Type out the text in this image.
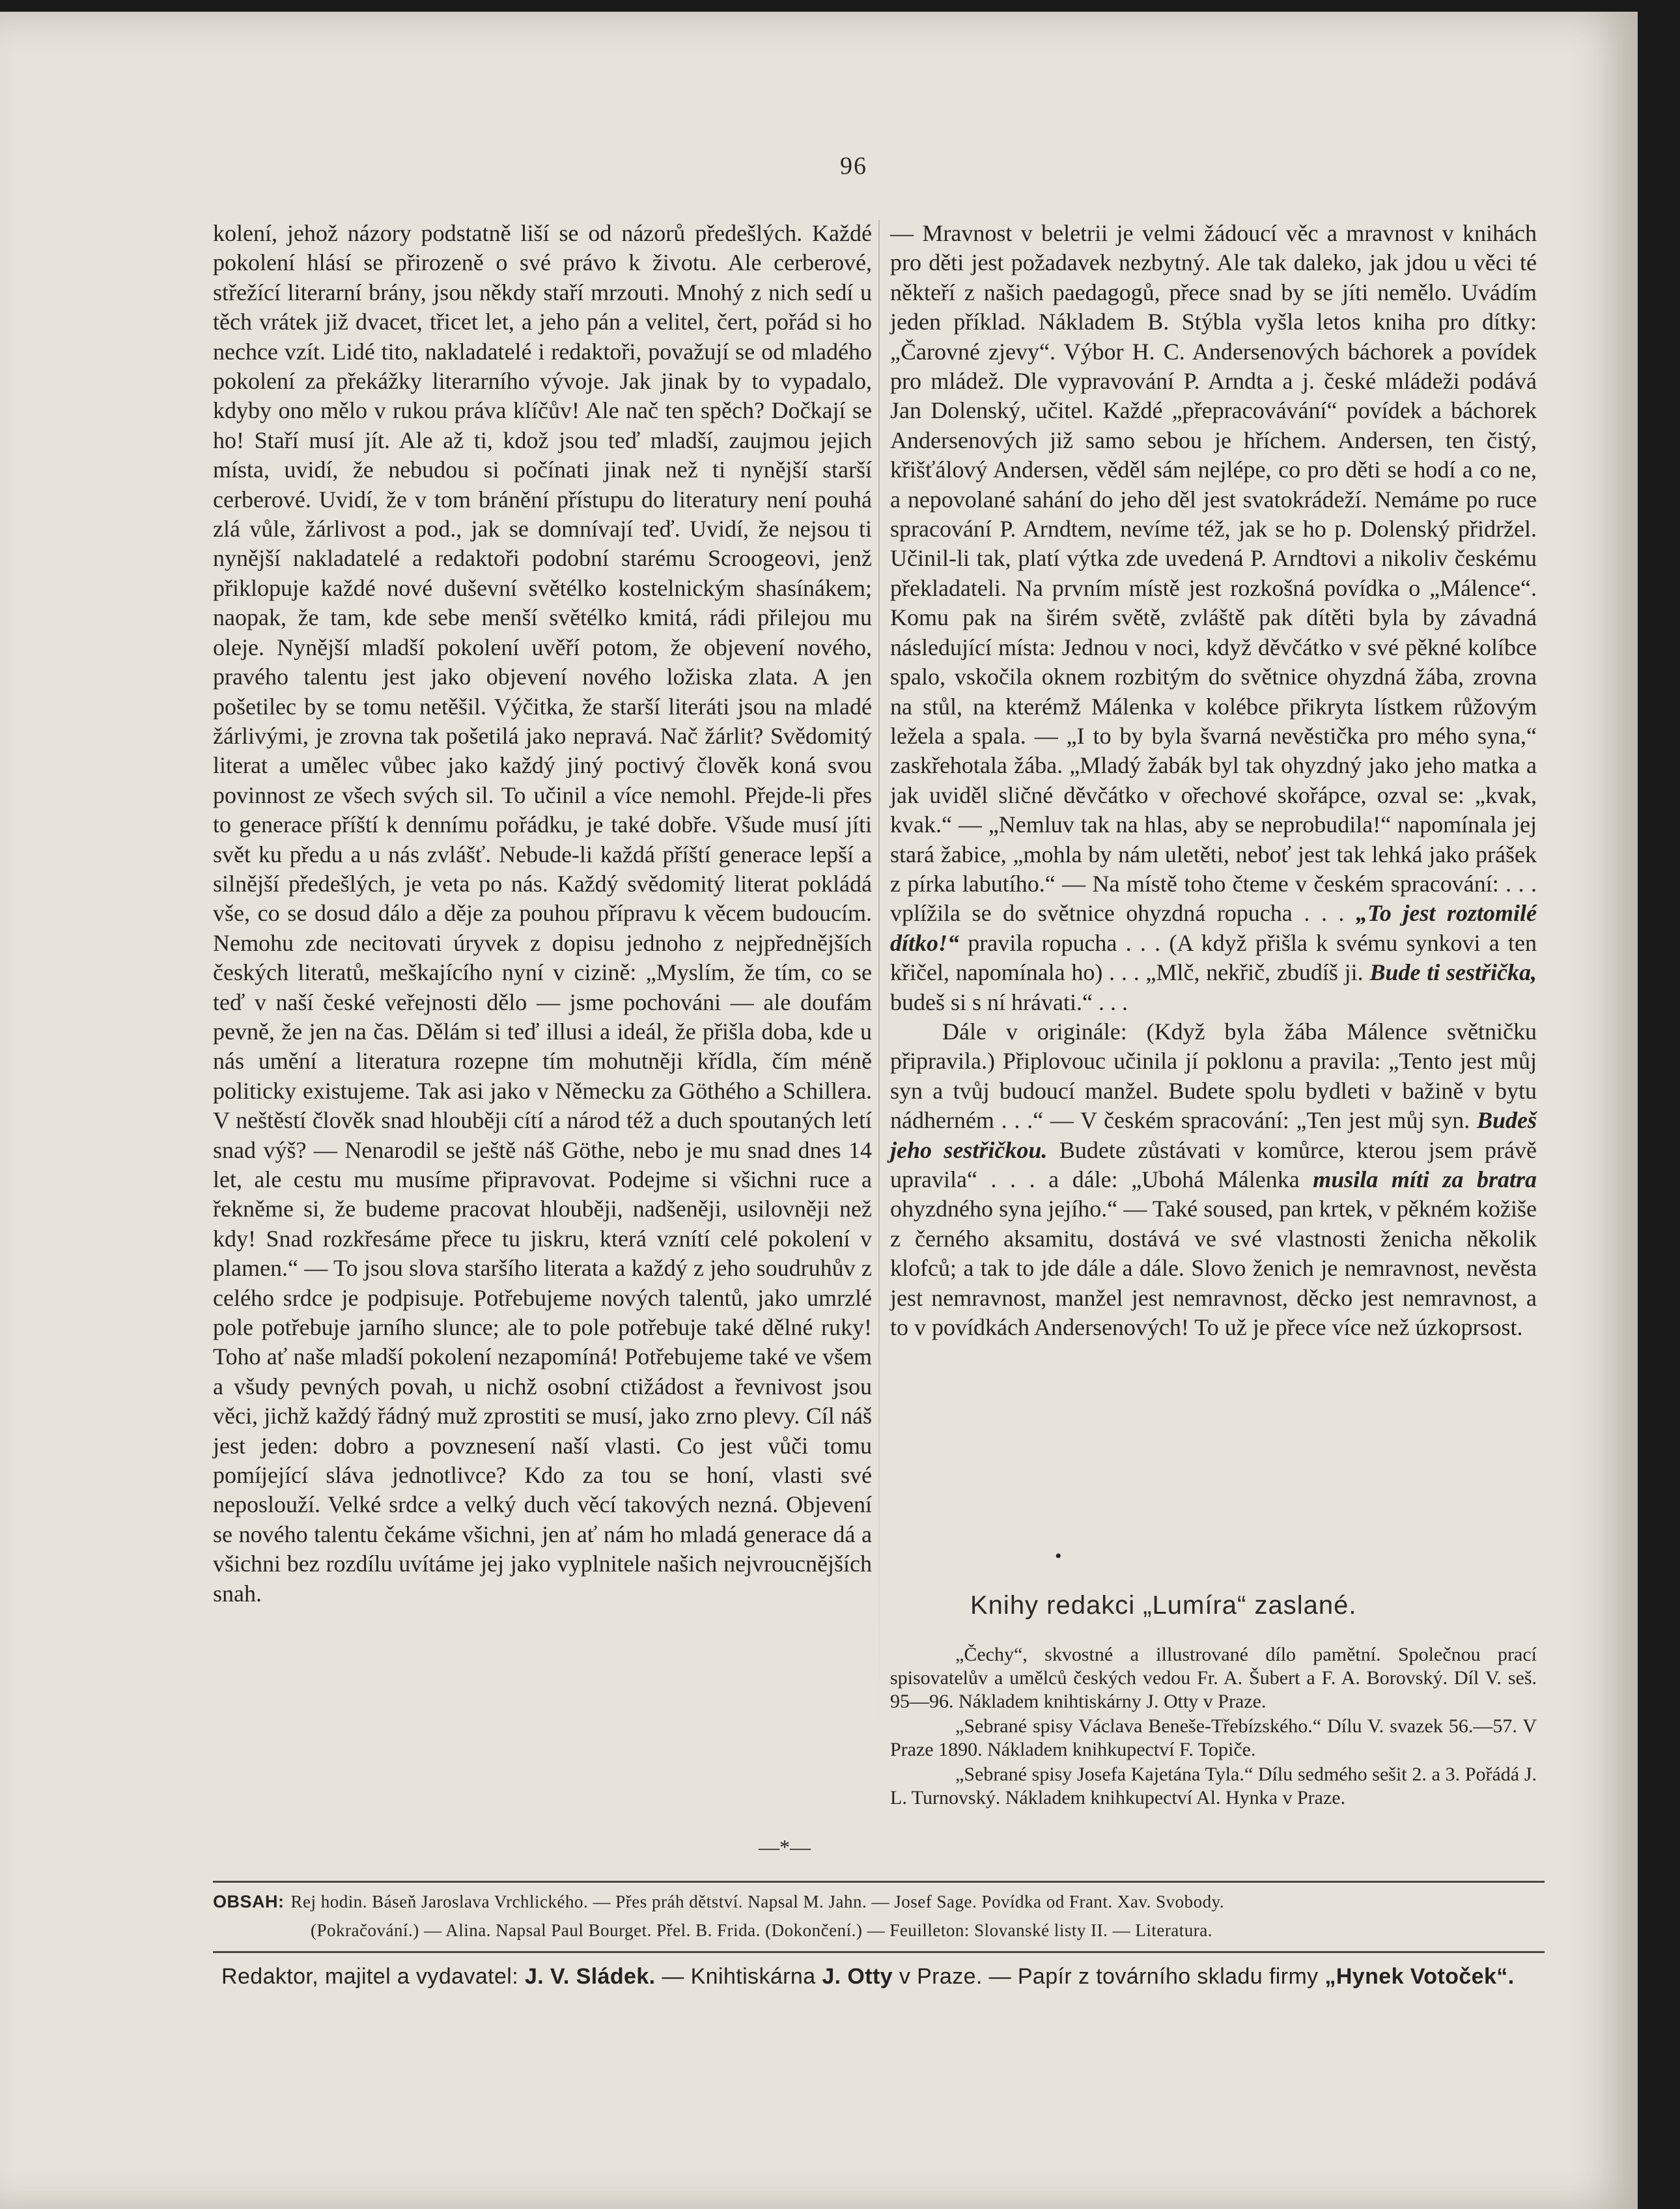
96

kolení, jehož názory podstatně liší se od názorů předešlých. Každé pokolení hlásí se přirozeně o své právo k životu. Ale cerberové, střežící literarní brány, jsou někdy staří mrzouti. Mnohý z nich sedí u těch vrátek již dvacet, třicet let, a jeho pán a velitel, čert, pořád si ho nechce vzít. Lidé tito, nakladatelé i redaktoři, považují se od mladého pokolení za překážky literarního vývoje. Jak jinak by to vypadalo, kdyby ono mělo v rukou práva klíčův! Ale nač ten spěch? Dočkají se ho! Staří musí jít. Ale až ti, kdož jsou teď mladší, zaujmou jejich místa, uvidí, že nebudou si počínati jinak než ti nynější starší cerberové. Uvidí, že v tom bránění přístupu do literatury není pouhá zlá vůle, žárlivost a pod., jak se domnívají teď. Uvidí, že nejsou ti nynější nakladatelé a redaktoři podobní starému Scroogeovi, jenž přiklopuje každé nové duševní světélko kostelnickým shasínákem; naopak, že tam, kde sebe menší světélko kmitá, rádi přilejou mu oleje. Nynější mladší pokolení uvěří potom, že objevení nového, pravého talentu jest jako objevení nového ložiska zlata. A jen pošetilec by se tomu netěšil. Výčitka, že starší literáti jsou na mladé žárlivými, je zrovna tak pošetilá jako nepravá. Nač žárlit? Svědomitý literat a umělec vůbec jako každý jiný poctivý člověk koná svou povinnost ze všech svých sil. To učinil a více nemohl. Přejde-li přes to generace příští k dennímu pořádku, je také dobře. Všude musí jíti svět ku předu a u nás zvlášť. Nebude-li každá příští generace lepší a silnější předešlých, je veta po nás. Každý svědomitý literat pokládá vše, co se dosud dálo a děje za pouhou přípravu k věcem budoucím. Nemohu zde necitovati úryvek z dopisu jednoho z nejpřednějších českých literatů, meškajícího nyní v cizině: „Myslím, že tím, co se teď v naší české veřejnosti dělo — jsme pochováni — ale doufám pevně, že jen na čas. Dělám si teď illusi a ideál, že přišla doba, kde u nás umění a literatura rozepne tím mohutněji křídla, čím méně politicky existujeme. Tak asi jako v Německu za Göthého a Schillera. V neštěstí člověk snad hlouběji cítí a národ též a duch spoutaných letí snad výš? — Nenarodil se ještě náš Göthe, nebo je mu snad dnes 14 let, ale cestu mu musíme připravovat. Podejme si všichni ruce a řekněme si, že budeme pracovat hlouběji, nadšeněji, usilovněji než kdy! Snad rozkřesáme přece tu jiskru, která vznítí celé pokolení v plamen.“ — To jsou slova staršího literata a každý z jeho soudruhův z celého srdce je podpisuje. Potřebujeme nových talentů, jako umrzlé pole potřebuje jarního slunce; ale to pole potřebuje také dělné ruky! Toho ať naše mladší pokolení nezapomíná! Potřebujeme také ve všem a všudy pevných povah, u nichž osobní ctižádost a řevnivost jsou věci, jichž každý řádný muž zprostiti se musí, jako zrno plevy. Cíl náš jest jeden: dobro a povznesení naší vlasti. Co jest vůči tomu pomíjející sláva jednotlivce? Kdo za tou se honí, vlasti své neposlouží. Velké srdce a velký duch věcí takových nezná. Objevení se nového talentu čekáme všichni, jen ať nám ho mladá generace dá a všichni bez rozdílu uvítáme jej jako vyplnitele našich nejvroucnějších snah.

—*—

— Mravnost v beletrii je velmi žádoucí věc a mravnost v knihách pro děti jest požadavek nezbytný. Ale tak daleko, jak jdou u věci té někteří z našich paedagogů, přece snad by se jíti nemělo. Uvádím jeden příklad. Nákladem B. Stýbla vyšla letos kniha pro dítky: „Čarovné zjevy“. Výbor H. C. Andersenových báchorek a povídek pro mládež. Dle vypravování P. Arndta a j. české mládeži podává Jan Dolenský, učitel. Každé „přepracovávání“ povídek a báchorek Andersenových již samo sebou je hříchem. Andersen, ten čistý, křišťálový Andersen, věděl sám nejlépe, co pro děti se hodí a co ne, a nepovolané sahání do jeho děl jest svatokrádeží. Nemáme po ruce spracování P. Arndtem, nevíme též, jak se ho p. Dolenský přidržel. Učinil-li tak, platí výtka zde uvedená P. Arndtovi a nikoliv českému překladateli. Na prvním místě jest rozkošná povídka o „Málence“. Komu pak na širém světě, zvláště pak dítěti byla by závadná následující místa: Jednou v noci, když děvčátko v své pěkné kolíbce spalo, vskočila oknem rozbitým do světnice ohyzdná žába, zrovna na stůl, na kterémž Málenka v kolébce přikryta lístkem růžovým ležela a spala. — „I to by byla švarná nevěstička pro mého syna,“ zaskřehotala žába. „Mladý žabák byl tak ohyzdný jako jeho matka a jak uviděl sličné děvčátko v ořechové skořápce, ozval se: „kvak, kvak.“ — „Nemluv tak na hlas, aby se neprobudila!“ napomínala jej stará žabice, „mohla by nám uletěti, neboť jest tak lehká jako prášek z pírka labutího.“ — Na místě toho čteme v českém spracování: . . . vplížila se do světnice ohyzdná ropucha . . . „To jest roztomilé dítko!“ pravila ropucha . . . (A když přišla k svému synkovi a ten křičel, napomínala ho) . . . „Mlč, nekřič, zbudíš ji. Bude ti sestřička, budeš si s ní hrávati.“ . . .

Dále v originále: (Když byla žába Málence světničku připravila.) Připlovouc učinila jí poklonu a pravila: „Tento jest můj syn a tvůj budoucí manžel. Budete spolu bydleti v bažině v bytu nádherném . . .“ — V českém spracování: „Ten jest můj syn. Budeš jeho sestřičkou. Budete zůstávati v komůrce, kterou jsem právě upravila“ . . . a dále: „Ubohá Málenka musila míti za bratra ohyzdného syna jejího.“ — Také soused, pan krtek, v pěkném kožiše z černého aksamitu, dostává ve své vlastnosti ženicha několik klofců; a tak to jde dále a dále. Slovo ženich je nemravnost, nevěsta jest nemravnost, manžel jest nemravnost, děcko jest nemravnost, a to v povídkách Andersenových! To už je přece více než úzkoprsost.

•
Knihy redakci „Lumíra“ zaslané.

„Čechy“, skvostné a illustrované dílo pamětní. Společnou prací spisovatelův a umělců českých vedou Fr. A. Šubert a F. A. Borovský. Díl V. seš. 95—96. Nákladem knihtiskárny J. Otty v Praze.

„Sebrané spisy Václava Beneše-Třebízského.“ Dílu V. svazek 56.—57. V Praze 1890. Nákladem knihkupectví F. Topiče.

„Sebrané spisy Josefa Kajetána Tyla.“ Dílu sedmého sešit 2. a 3. Pořádá J. L. Turnovský. Nákladem knihkupectví Al. Hynka v Praze.

OBSAH: Rej hodin. Báseň Jaroslava Vrchlického. — Přes práh dětství. Napsal M. Jahn. — Josef Sage. Povídka od Frant. Xav. Svobody.
(Pokračování.) — Alina. Napsal Paul Bourget. Přel. B. Frida. (Dokončení.) — Feuilleton: Slovanské listy II. — Literatura.
Redaktor, majitel a vydavatel: J. V. Sládek. — Knihtiskárna J. Otty v Praze. — Papír z továrního skladu firmy „Hynek Votoček“.
